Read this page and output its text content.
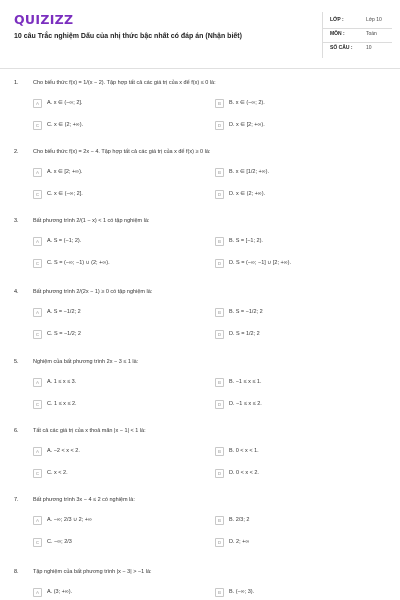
QUIZIZZ
10 câu Trắc nghiệm Dấu của nhị thức bậc nhất có đáp án (Nhận biết)
LỚP :	Lớp 10
MÔN :	Toán
SỐ CÂU :	10
1.	Cho biểu thức f(x) = 1/(x − 2). Tập hợp tất cả các giá trị của x để f(x) ≤ 0 là:
A	A. x ∈ (−∞; 2].	B	B. x ∈ (−∞; 2).
C	C. x ∈ (2; +∞).	D	D. x ∈ [2; +∞).
2.	Cho biểu thức f(x) = 2x − 4. Tập hợp tất cả các giá trị của x để f(x) ≥ 0 là:
A	A. x ∈ [2; +∞).	B	B. x ∈ [1/2; +∞).
C	C. x ∈ (−∞; 2].	D	D. x ∈ (2; +∞).
3.	Bất phương trình 2/(1 − x) < 1 có tập nghiệm là:
A	A. S = (−1; 2).	B	B. S = [−1; 2).
C	C. S = (−∞; −1) ∪ (2; +∞).	D	D. S = (−∞; −1] ∪ [2; +∞).
4.	Bất phương trình 2/(2x − 1) ≥ 0 có tập nghiệm là:
A	A. S = −1/2; 2	B	B. S = −1/2; 2
C	C. S = −1/2; 2	D	D. S = 1/2; 2
5.	Nghiệm của bất phương trình 2x − 3 ≤ 1 là:
A	A. 1 ≤ x ≤ 3.	B	B. −1 ≤ x ≤ 1.
C	C. 1 ≤ x ≤ 2.	D	D. −1 ≤ x ≤ 2.
6.	Tất cả các giá trị của x thoả mãn |x − 1| < 1 là:
A	A. −2 < x < 2.	B	B. 0 < x < 1.
C	C. x < 2.	D	D. 0 < x < 2.
7.	Bất phương trình 3x − 4 ≤ 2 có nghiệm là:
A	A. −∞; 2/3 ∪ 2; +∞	B	B. 2/3; 2
C	C. −∞; 2/3	D	D. 2; +∞
8.	Tập nghiệm của bất phương trình |x − 3| > −1 là:
A	A. (3; +∞).	B	B. (−∞; 3).
